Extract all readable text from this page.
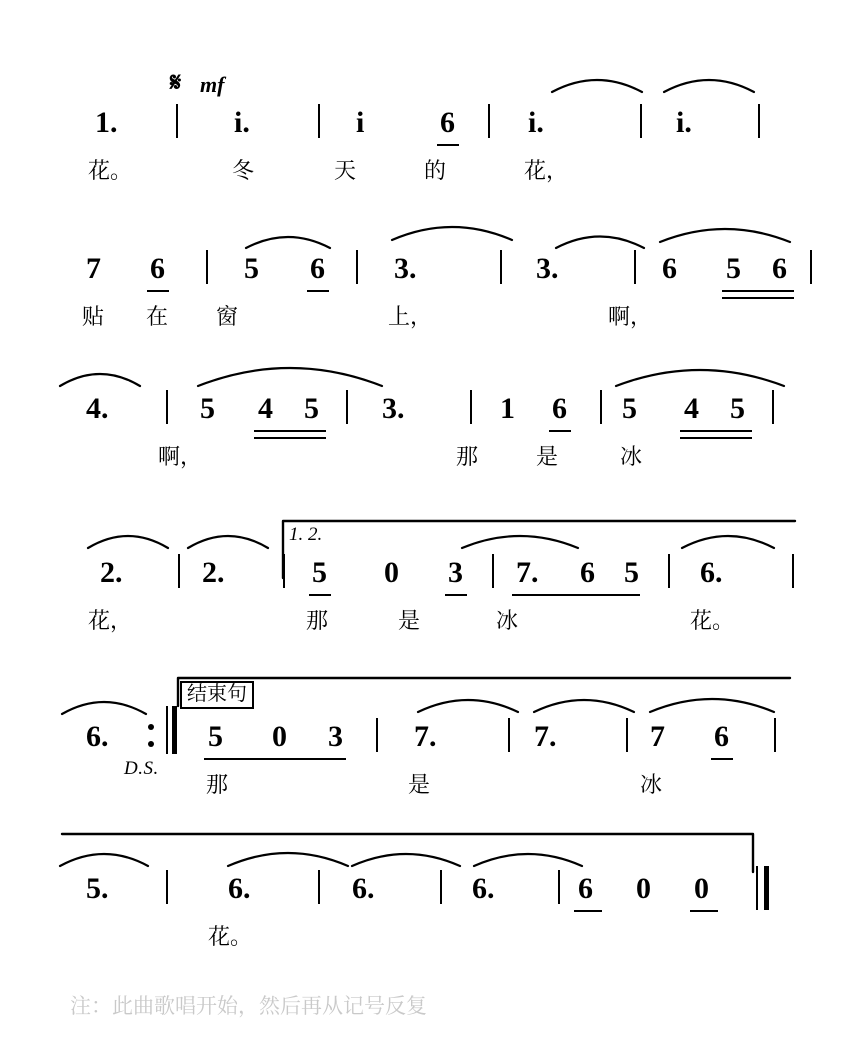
𝄋 mf
1.	i.	i	6 i.	i.
花。	冬	天	的	花，
7 6	5 6 3.	3.	6 5 6
贴 在 窗	上，	啊，
4.	5 4 5 3.	1 6 5 4 5
啊，	那	是	冰
1. 2.
2.	2.	5 0 3 7. 6 5 6.
花，	那	是	冰	花。
结束句
6.	5 0 3 7.	7.	7 6
D.S.
那	是	冰
5.	6.	6.	6.	6 0 0
花。
注：此曲歌唱开始，然后再从记号反复
